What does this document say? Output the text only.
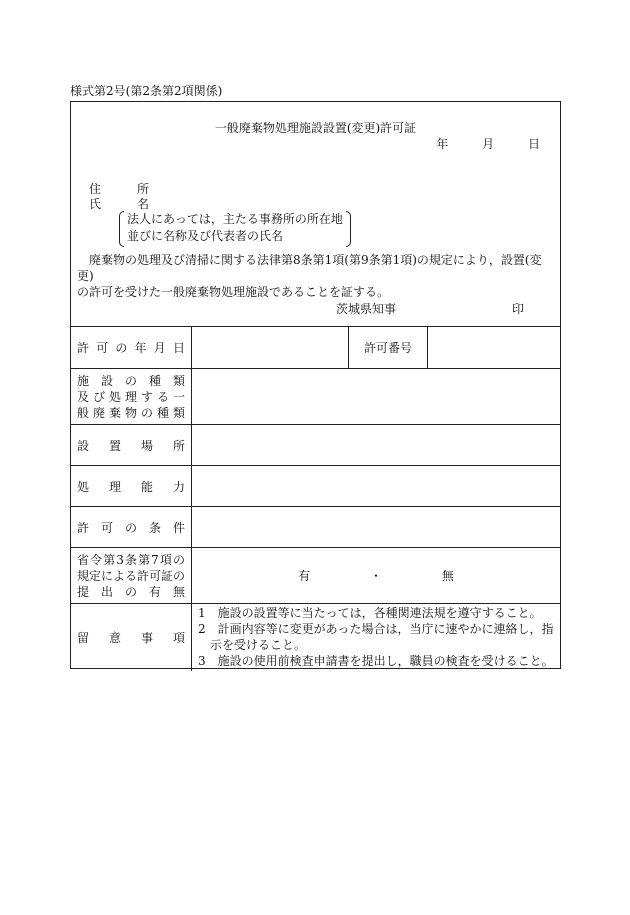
様式第2号(第2条第2項関係)
一般廃棄物処理施設設置(変更)許可証
年	月	日
住　所
氏　名
法人にあっては，主たる事務所の所在地
並びに名称及び代表者の氏名
廃棄物の処理及び清掃に関する法律第8条第1項(第9条第1項)の規定により，設置(変更)
の許可を受けた一般廃棄物処理施設であることを証する。
茨城県知事	印
許可の年月日		許可番号	

施設の種類
及び処理する一
般廃棄物の種類			

設置場所			
処理能力			
許可の条件			

省令第3条第7項の
規定による許可証の
提出の有無	有 ・ 無		
留意事項	1　施設の設置等に当たっては，各種関連法規を遵守すること。

2　計画内容等に変更があった場合は，当庁に速やかに連絡し，指

示を受けること。

3　施設の使用前検査申請書を提出し，職員の検査を受けること。		
